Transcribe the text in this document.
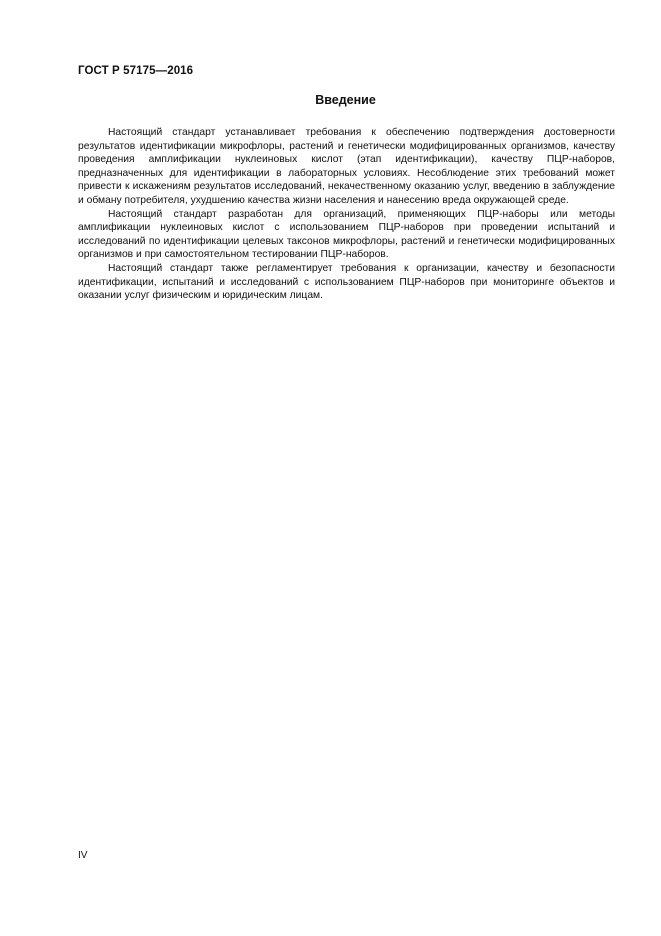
ГОСТ Р 57175—2016
Введение

Настоящий стандарт устанавливает требования к обеспечению подтверждения достоверности результатов идентификации микрофлоры, растений и генетически модифицированных организмов, качеству проведения амплификации нуклеиновых кислот (этап идентификации), качеству ПЦР-наборов, предназначенных для идентификации в лабораторных условиях. Несоблюдение этих требований может привести к искажениям результатов исследований, некачественному оказанию услуг, введению в заблуждение и обману потребителя, ухудшению качества жизни населения и нанесению вреда окружающей среде.

Настоящий стандарт разработан для организаций, применяющих ПЦР-наборы или методы амплификации нуклеиновых кислот с использованием ПЦР-наборов при проведении испытаний и исследований по идентификации целевых таксонов микрофлоры, растений и генетически модифицированных организмов и при самостоятельном тестировании ПЦР-наборов.

Настоящий стандарт также регламентирует требования к организации, качеству и безопасности идентификации, испытаний и исследований с использованием ПЦР-наборов при мониторинге объектов и оказании услуг физическим и юридическим лицам.

IV
